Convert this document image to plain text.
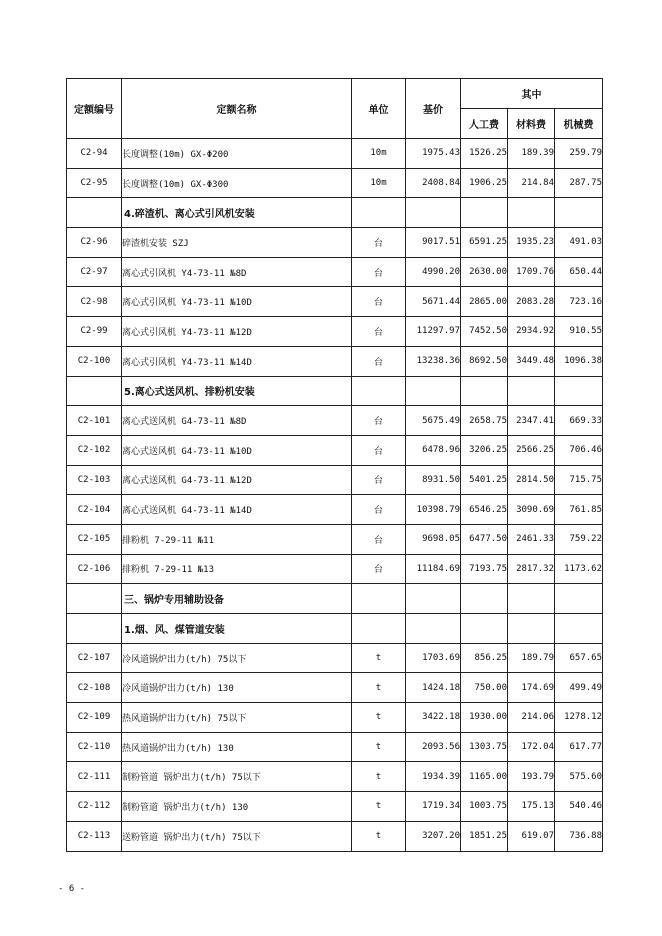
定额编号	定额名称	单位	基价	其中		
				人工费	材料费	机械费
C2-94	长度调整(10m) GX-Φ200	10m	1975.43	1526.25	189.39	259.79
C2-95	长度调整(10m) GX-Φ300	10m	2408.84	1906.25	214.84	287.75
	4.碎渣机、离心式引风机安装					
C2-96	碎渣机安装 SZJ	台	9017.51	6591.25	1935.23	491.03
C2-97	离心式引风机 Y4-73-11 №8D	台	4990.20	2630.00	1709.76	650.44
C2-98	离心式引风机 Y4-73-11 №10D	台	5671.44	2865.00	2083.28	723.16
C2-99	离心式引风机 Y4-73-11 №12D	台	11297.97	7452.50	2934.92	910.55
C2-100	离心式引风机 Y4-73-11 №14D	台	13238.36	8692.50	3449.48	1096.38
	5.离心式送风机、排粉机安装					
C2-101	离心式送风机 G4-73-11 №8D	台	5675.49	2658.75	2347.41	669.33
C2-102	离心式送风机 G4-73-11 №10D	台	6478.96	3206.25	2566.25	706.46
C2-103	离心式送风机 G4-73-11 №12D	台	8931.50	5401.25	2814.50	715.75
C2-104	离心式送风机 G4-73-11 №14D	台	10398.79	6546.25	3090.69	761.85
C2-105	排粉机 7-29-11 №11	台	9698.05	6477.50	2461.33	759.22
C2-106	排粉机 7-29-11 №13	台	11184.69	7193.75	2817.32	1173.62
	三、锅炉专用辅助设备					
	1.烟、风、煤管道安装					
C2-107	冷风道锅炉出力(t/h) 75以下	t	1703.69	856.25	189.79	657.65
C2-108	冷风道锅炉出力(t/h) 130	t	1424.18	750.00	174.69	499.49
C2-109	热风道锅炉出力(t/h) 75以下	t	3422.18	1930.00	214.06	1278.12
C2-110	热风道锅炉出力(t/h) 130	t	2093.56	1303.75	172.04	617.77
C2-111	制粉管道 锅炉出力(t/h) 75以下	t	1934.39	1165.00	193.79	575.60
C2-112	制粉管道 锅炉出力(t/h) 130	t	1719.34	1003.75	175.13	540.46
C2-113	送粉管道 锅炉出力(t/h) 75以下	t	3207.20	1851.25	619.07	736.88
- 6 -
